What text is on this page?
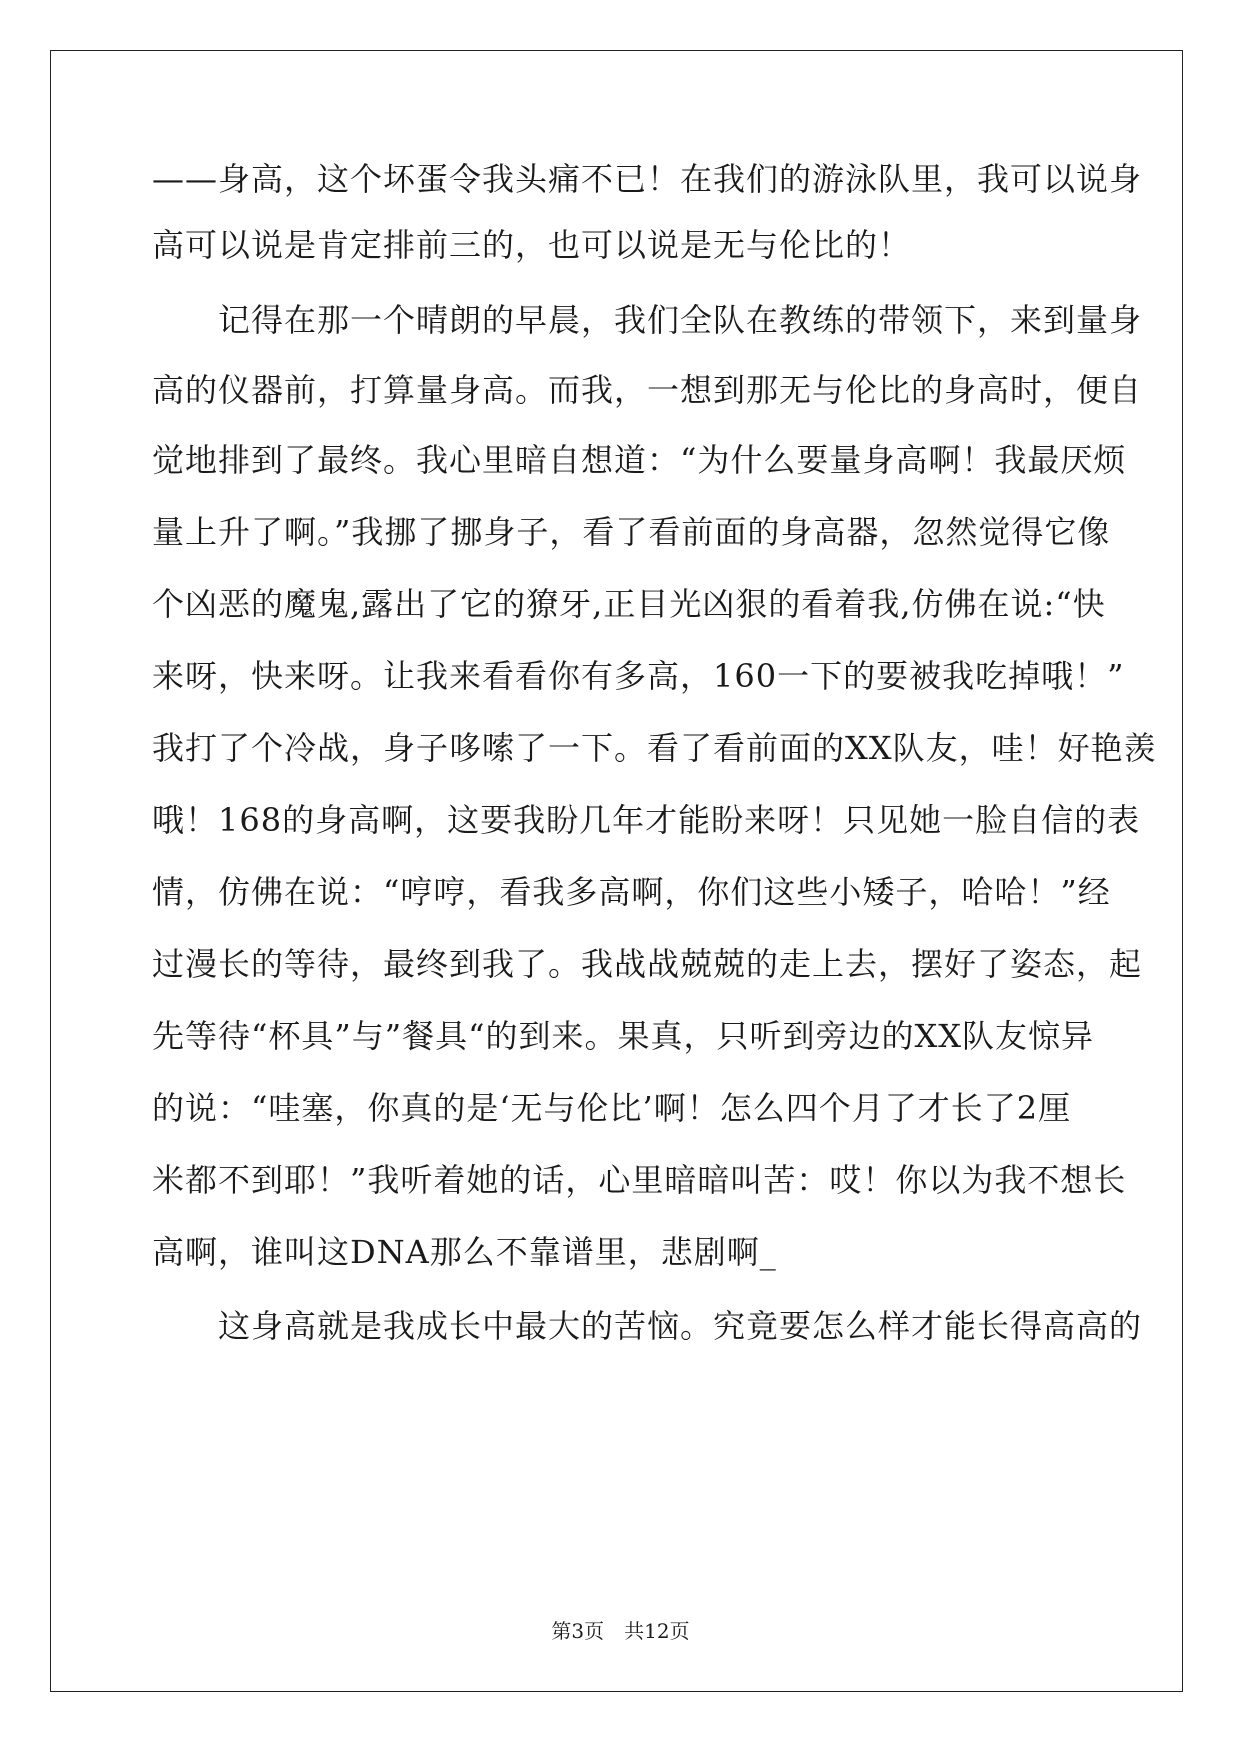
——身高，这个坏蛋令我头痛不已！在我们的游泳队里，我可以说身
高可以说是肯定排前三的，也可以说是无与伦比的！
　　记得在那一个晴朗的早晨，我们全队在教练的带领下，来到量身
高的仪器前，打算量身高。而我，一想到那无与伦比的身高时，便自
觉地排到了最终。我心里暗自想道：“为什么要量身高啊！我最厌烦
量上升了啊。”我挪了挪身子，看了看前面的身高器，忽然觉得它像
个凶恶的魔鬼,露出了它的獠牙,正目光凶狠的看着我,仿佛在说:“快
来呀，快来呀。让我来看看你有多高，160一下的要被我吃掉哦！”
我打了个冷战，身子哆嗦了一下。看了看前面的XX队友，哇！好艳羡
哦！168的身高啊，这要我盼几年才能盼来呀！只见她一脸自信的表
情，仿佛在说：“哼哼，看我多高啊，你们这些小矮子，哈哈！”经
过漫长的等待，最终到我了。我战战兢兢的走上去，摆好了姿态，起
先等待“杯具”与”餐具“的到来。果真，只听到旁边的XX队友惊异
的说：“哇塞，你真的是‘无与伦比’啊！怎么四个月了才长了2厘
米都不到耶！”我听着她的话，心里暗暗叫苦：哎！你以为我不想长
高啊，谁叫这DNA那么不靠谱里，悲剧啊_
　　这身高就是我成长中最大的苦恼。究竟要怎么样才能长得高高的
第3页　共12页
